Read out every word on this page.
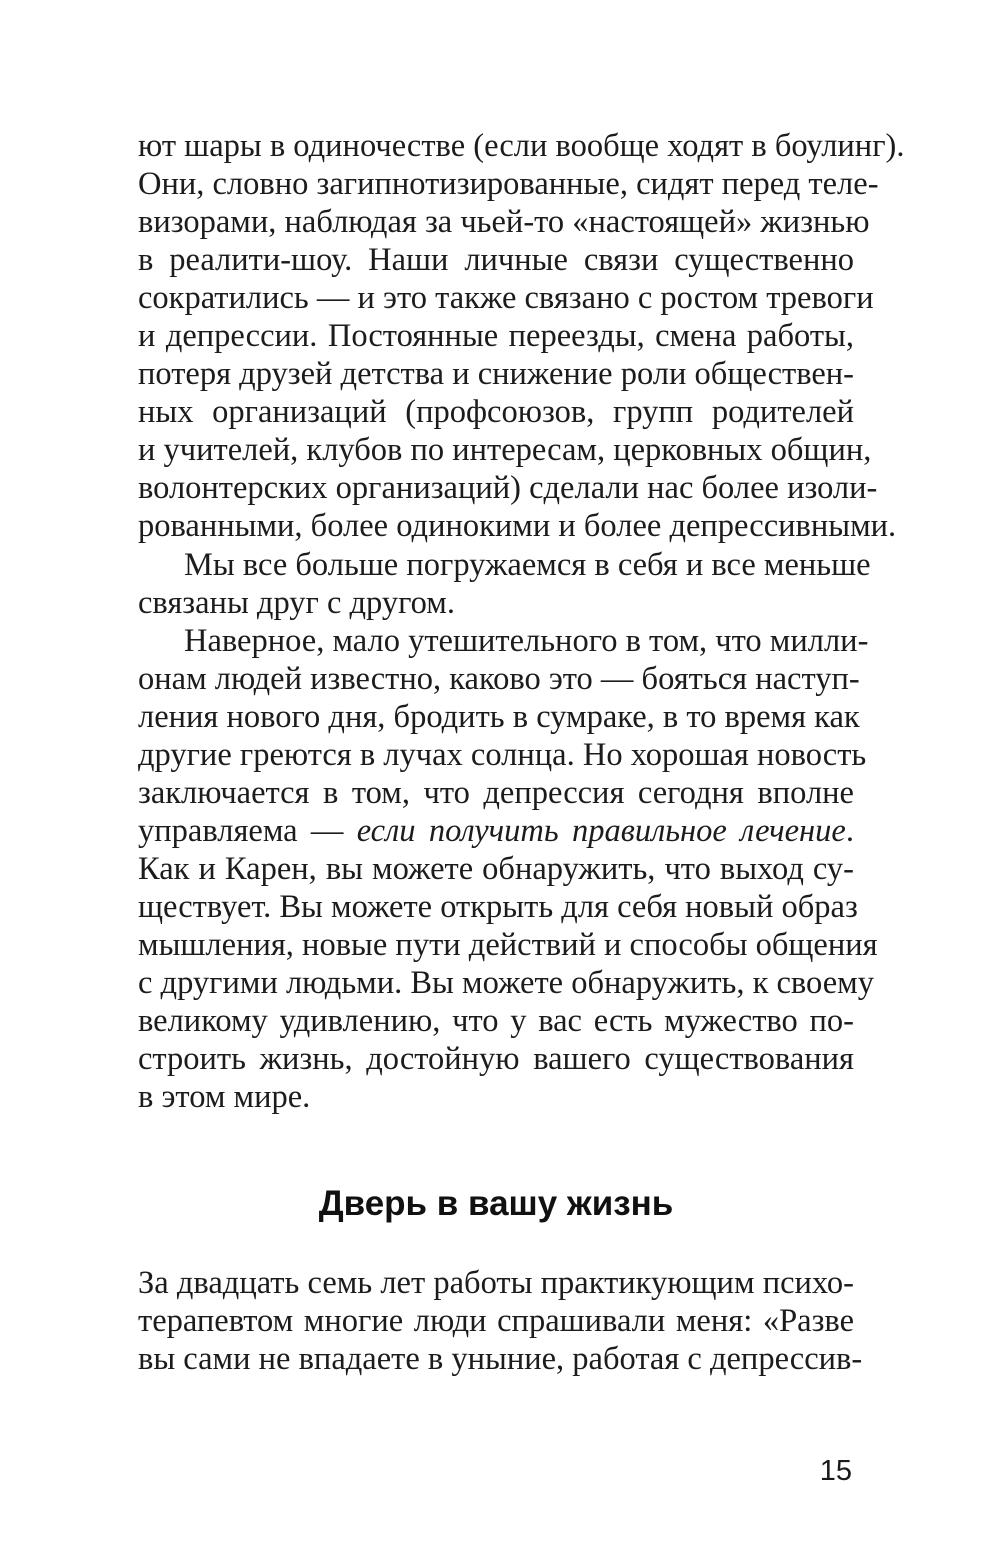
ют шары в одиночестве (если вообще ходят в боулинг).
Они, словно загипнотизированные, сидят перед теле-
визорами, наблюдая за чьей-то «настоящей» жизнью
в реалити-шоу. Наши личные связи существенно
сократились — и это также связано с ростом тревоги
и депрессии. Постоянные переезды, смена работы,
потеря друзей детства и снижение роли обществен-
ных организаций (профсоюзов, групп родителей
и учителей, клубов по интересам, церковных общин,
волонтерских организаций) сделали нас более изоли-
рованными, более одинокими и более депрессивными.
Мы все больше погружаемся в себя и все меньше
связаны друг с другом.
Наверное, мало утешительного в том, что милли-
онам людей известно, каково это — бояться наступ-
ления нового дня, бродить в сумраке, в то время как
другие греются в лучах солнца. Но хорошая новость
заключается в том, что депрессия сегодня вполне
управляема — если получить правильное лечение.
Как и Карен, вы можете обнаружить, что выход су-
ществует. Вы можете открыть для себя новый образ
мышления, новые пути действий и способы общения
с другими людьми. Вы можете обнаружить, к своему
великому удивлению, что у вас есть мужество по-
строить жизнь, достойную вашего существования
в этом мире.
Дверь в вашу жизнь
За двадцать семь лет работы практикующим психо-
терапевтом многие люди спрашивали меня: «Разве
вы сами не впадаете в уныние, работая с депрессив-
15
